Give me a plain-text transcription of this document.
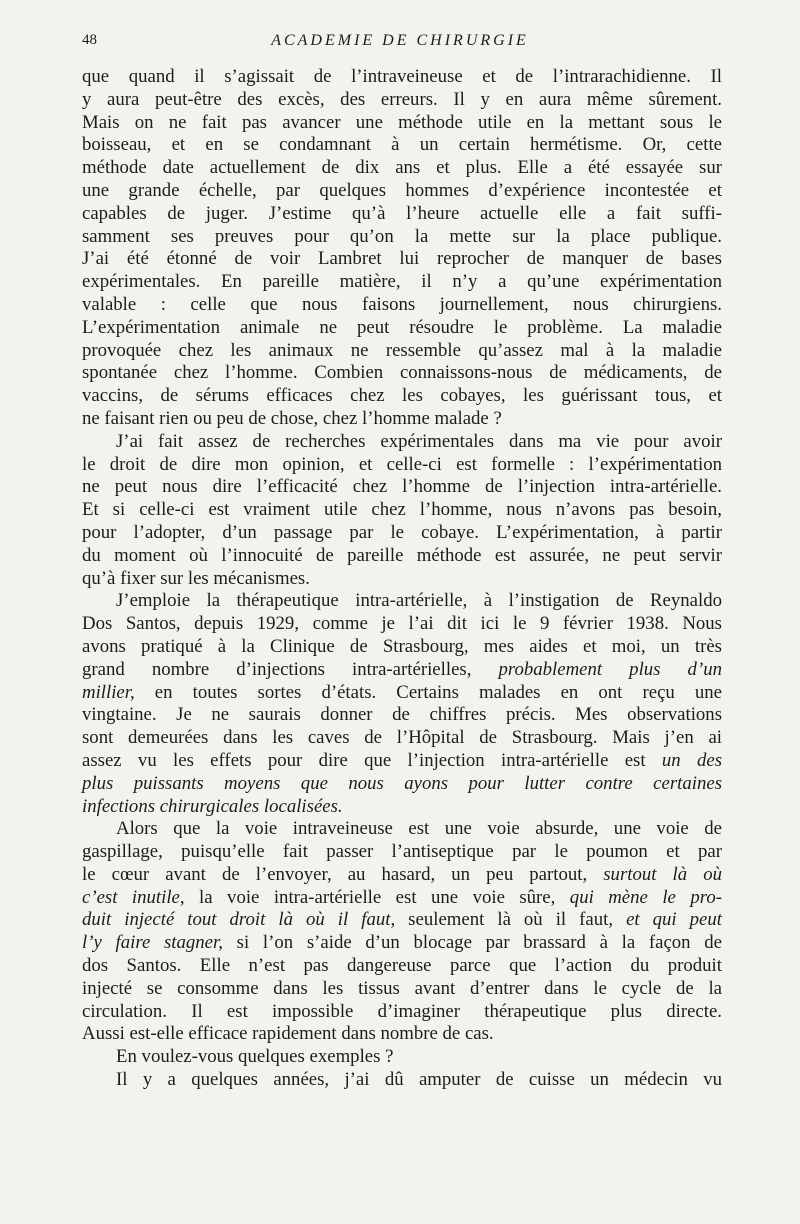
48	ACADEMIE DE CHIRURGIE
que quand il s’agissait de l’intraveineuse et de l’intrarachidienne. Il
y aura peut-être des excès, des erreurs. Il y en aura même sûrement.
Mais on ne fait pas avancer une méthode utile en la mettant sous le
boisseau, et en se condamnant à un certain hermétisme. Or, cette
méthode date actuellement de dix ans et plus. Elle a été essayée sur
une grande échelle, par quelques hommes d’expérience incontestée et
capables de juger. J’estime qu’à l’heure actuelle elle a fait suffi-
samment ses preuves pour qu’on la mette sur la place publique.
J’ai été étonné de voir Lambret lui reprocher de manquer de bases
expérimentales. En pareille matière, il n’y a qu’une expérimentation
valable : celle que nous faisons journellement, nous chirurgiens.
L’expérimentation animale ne peut résoudre le problème. La maladie
provoquée chez les animaux ne ressemble qu’assez mal à la maladie
spontanée chez l’homme. Combien connaissons-nous de médicaments, de
vaccins, de sérums efficaces chez les cobayes, les guérissant tous, et
ne faisant rien ou peu de chose, chez l’homme malade ?
J’ai fait assez de recherches expérimentales dans ma vie pour avoir
le droit de dire mon opinion, et celle-ci est formelle : l’expérimentation
ne peut nous dire l’efficacité chez l’homme de l’injection intra-artérielle.
Et si celle-ci est vraiment utile chez l’homme, nous n’avons pas besoin,
pour l’adopter, d’un passage par le cobaye. L’expérimentation, à partir
du moment où l’innocuité de pareille méthode est assurée, ne peut servir
qu’à fixer sur les mécanismes.
J’emploie la thérapeutique intra-artérielle, à l’instigation de Reynaldo
Dos Santos, depuis 1929, comme je l’ai dit ici le 9 février 1938. Nous
avons pratiqué à la Clinique de Strasbourg, mes aides et moi, un très
grand nombre d’injections intra-artérielles, probablement plus d’un
millier, en toutes sortes d’états. Certains malades en ont reçu une
vingtaine. Je ne saurais donner de chiffres précis. Mes observations
sont demeurées dans les caves de l’Hôpital de Strasbourg. Mais j’en ai
assez vu les effets pour dire que l’injection intra-artérielle est un des
plus puissants moyens que nous ayons pour lutter contre certaines
infections chirurgicales localisées.
Alors que la voie intraveineuse est une voie absurde, une voie de
gaspillage, puisqu’elle fait passer l’antiseptique par le poumon et par
le cœur avant de l’envoyer, au hasard, un peu partout, surtout là où
c’est inutile, la voie intra-artérielle est une voie sûre, qui mène le pro-
duit injecté tout droit là où il faut, seulement là où il faut, et qui peut
l’y faire stagner, si l’on s’aide d’un blocage par brassard à la façon de
dos Santos. Elle n’est pas dangereuse parce que l’action du produit
injecté se consomme dans les tissus avant d’entrer dans le cycle de la
circulation. Il est impossible d’imaginer thérapeutique plus directe.
Aussi est-elle efficace rapidement dans nombre de cas.
En voulez-vous quelques exemples ?
Il y a quelques années, j’ai dû amputer de cuisse un médecin vu
